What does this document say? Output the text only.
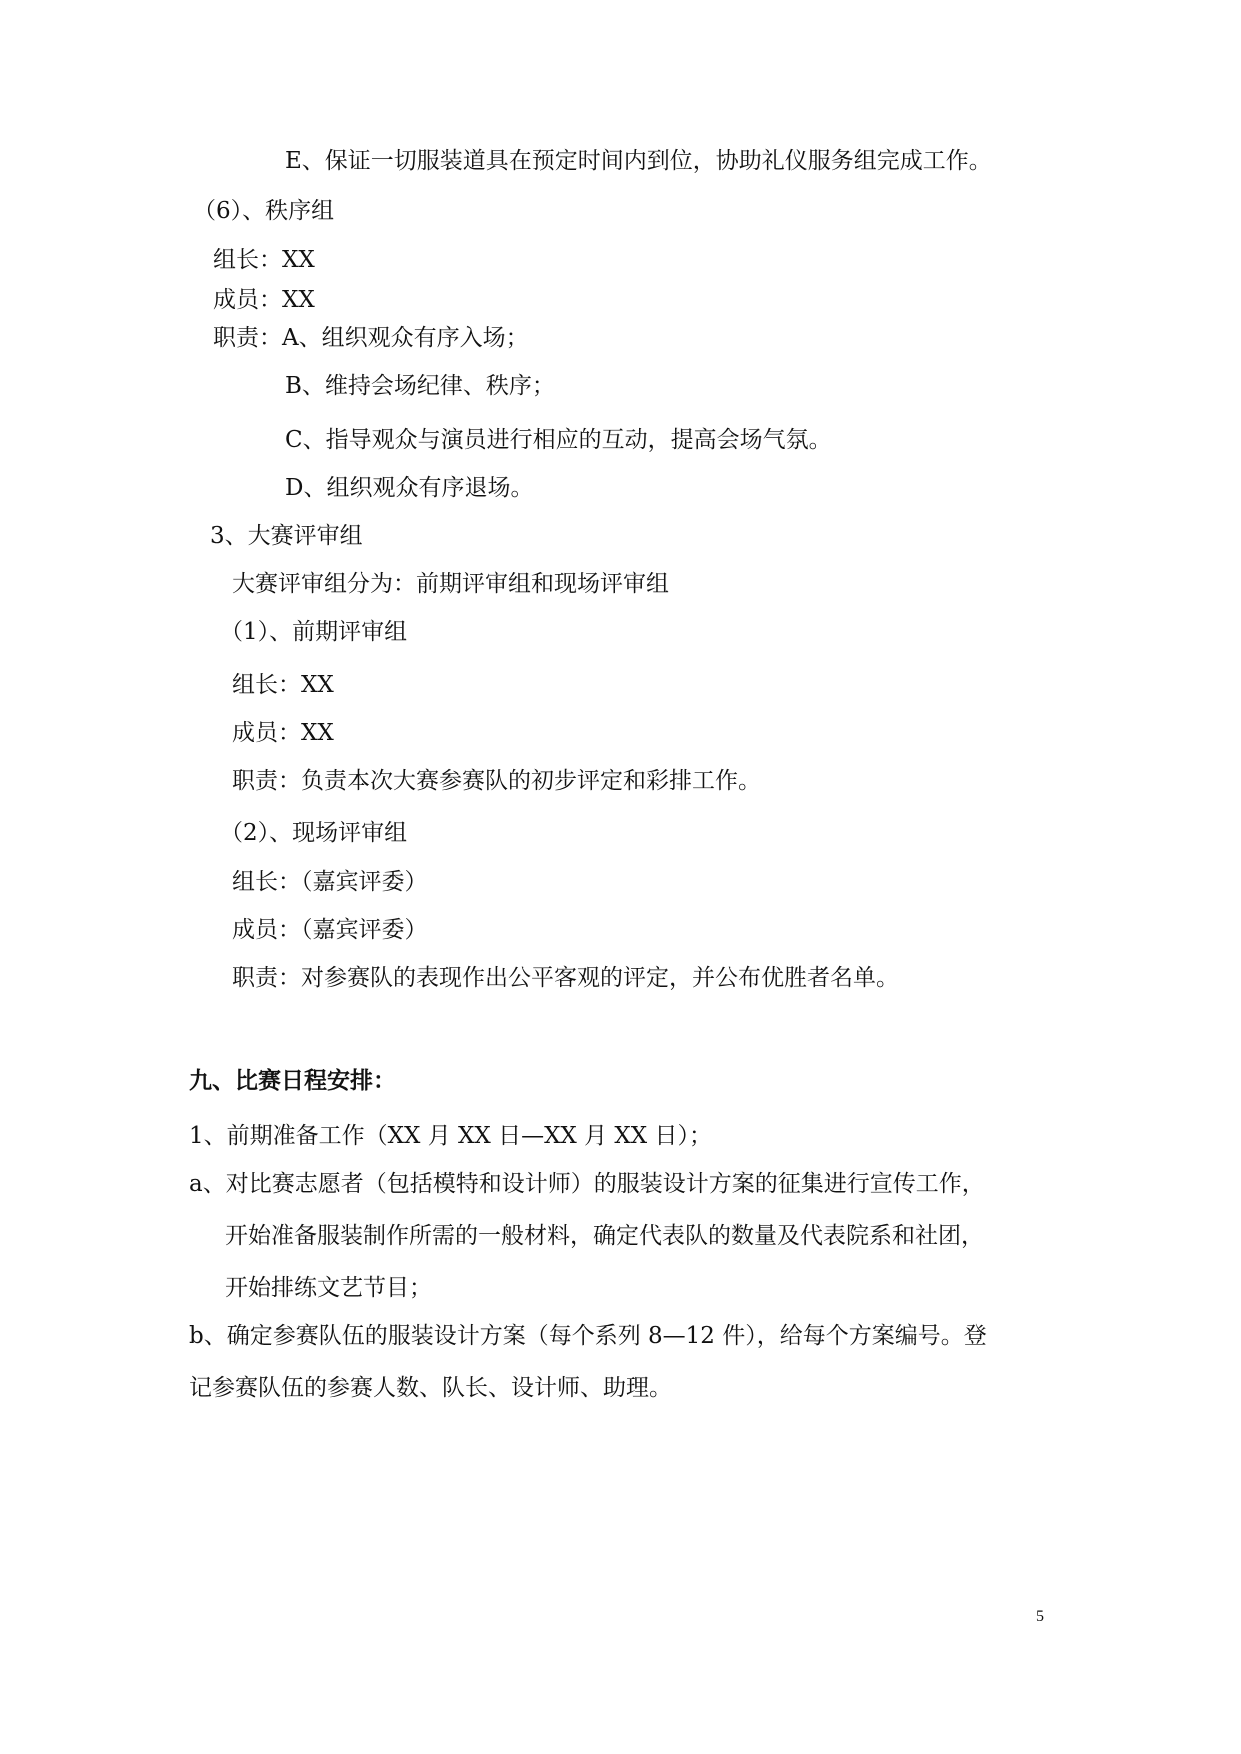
E、保证一切服装道具在预定时间内到位，协助礼仪服务组完成工作。
（6）、秩序组
组长：XX
成员：XX
职责：A、组织观众有序入场；
B、维持会场纪律、秩序；
C、指导观众与演员进行相应的互动，提高会场气氛。
D、组织观众有序退场。
3、大赛评审组
大赛评审组分为：前期评审组和现场评审组
（1）、前期评审组
组长：XX
成员：XX
职责：负责本次大赛参赛队的初步评定和彩排工作。
（2）、现场评审组
组长：（嘉宾评委）
成员：（嘉宾评委）
职责：对参赛队的表现作出公平客观的评定，并公布优胜者名单。
九、比赛日程安排：
1、前期准备工作（XX 月 XX 日—XX 月 XX 日）；
a、对比赛志愿者（包括模特和设计师）的服装设计方案的征集进行宣传工作，
开始准备服装制作所需的一般材料，确定代表队的数量及代表院系和社团，
开始排练文艺节目；
b、确定参赛队伍的服装设计方案（每个系列 8—12 件），给每个方案编号。登
记参赛队伍的参赛人数、队长、设计师、助理。
5
